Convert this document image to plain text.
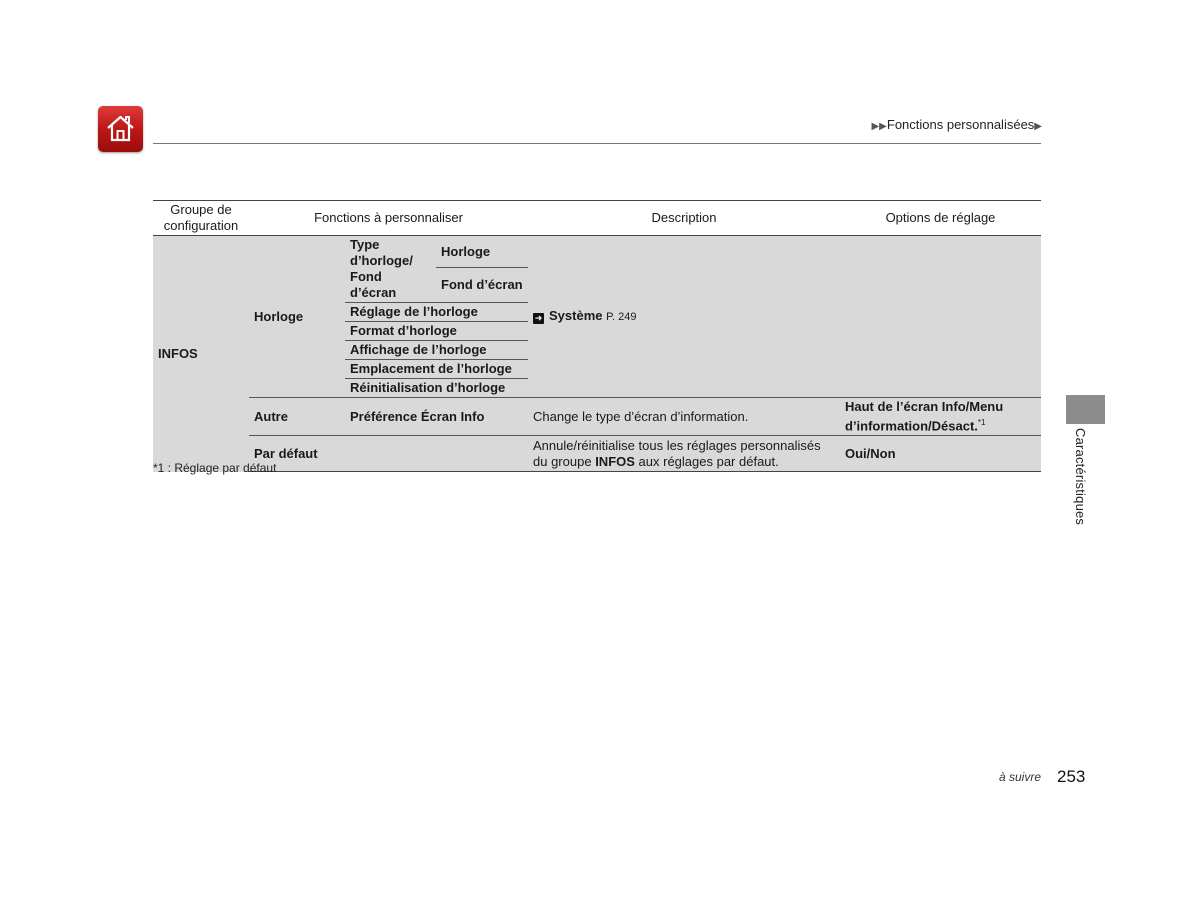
▶▶Fonctions personnalisées▶
Groupe de configuration	Fonctions à personnaliser			Description	Options de réglage
INFOS	Horloge	Type d’horloge/ Fond d’écran	Horloge	➜ Système P. 249	
			Fond d’écran		
		Réglage de l’horloge			
		Format d’horloge			
		Affichage de l’horloge			
		Emplacement de l’horloge			
		Réinitialisation d’horloge			
	Autre	Préférence Écran Info		Change le type d’écran d’information.	Haut de l’écran Info/Menu d’information/Désact.$^{*1}$
	Par défaut			Annule/réinitialise tous les réglages personnalisés du groupe INFOS aux réglages par défaut.	Oui/Non
*1 : Réglage par défaut	Caractéristiques
à suivre 253
